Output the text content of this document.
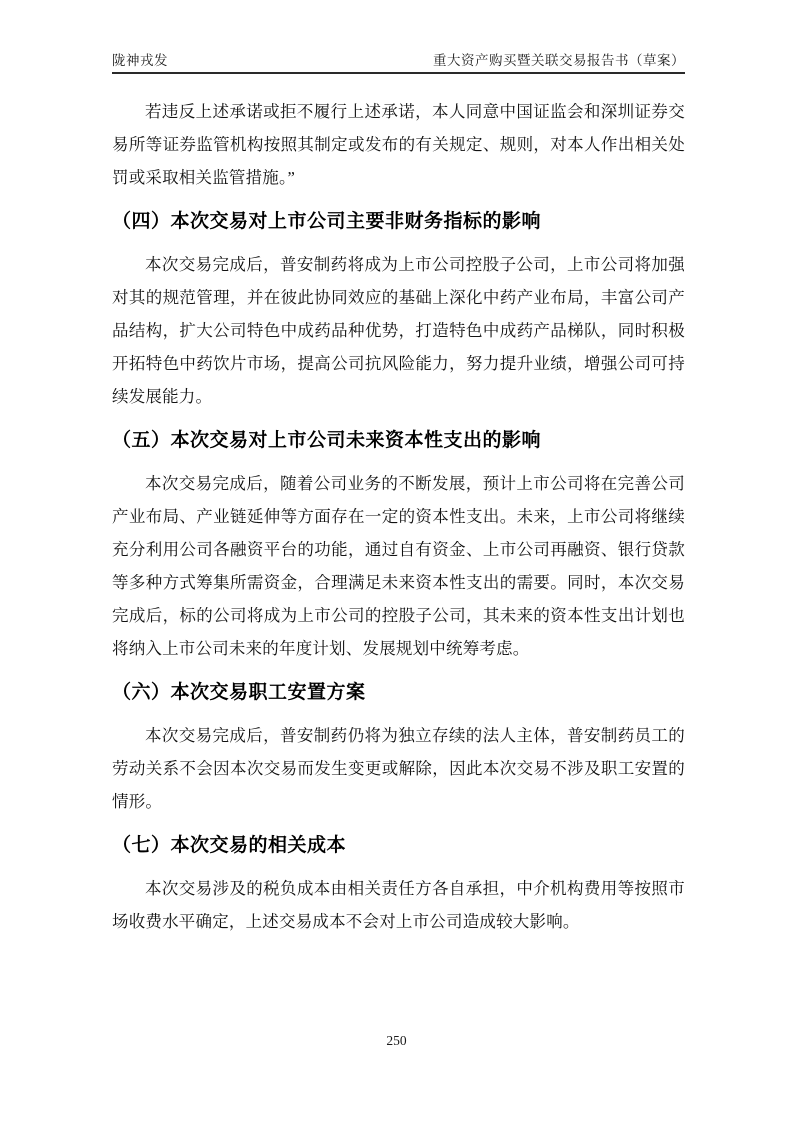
陇神戎发	重大资产购买暨关联交易报告书（草案）

若违反上述承诺或拒不履行上述承诺，本人同意中国证监会和深圳证券交易所等证券监管机构按照其制定或发布的有关规定、规则，对本人作出相关处罚或采取相关监管措施。”

（四）本次交易对上市公司主要非财务指标的影响

本次交易完成后，普安制药将成为上市公司控股子公司，上市公司将加强对其的规范管理，并在彼此协同效应的基础上深化中药产业布局，丰富公司产品结构，扩大公司特色中成药品种优势，打造特色中成药产品梯队，同时积极开拓特色中药饮片市场，提高公司抗风险能力，努力提升业绩，增强公司可持续发展能力。

（五）本次交易对上市公司未来资本性支出的影响

本次交易完成后，随着公司业务的不断发展，预计上市公司将在完善公司产业布局、产业链延伸等方面存在一定的资本性支出。未来，上市公司将继续充分利用公司各融资平台的功能，通过自有资金、上市公司再融资、银行贷款等多种方式筹集所需资金，合理满足未来资本性支出的需要。同时，本次交易完成后，标的公司将成为上市公司的控股子公司，其未来的资本性支出计划也将纳入上市公司未来的年度计划、发展规划中统筹考虑。

（六）本次交易职工安置方案

本次交易完成后，普安制药仍将为独立存续的法人主体，普安制药员工的劳动关系不会因本次交易而发生变更或解除，因此本次交易不涉及职工安置的情形。

（七）本次交易的相关成本

本次交易涉及的税负成本由相关责任方各自承担，中介机构费用等按照市场收费水平确定，上述交易成本不会对上市公司造成较大影响。

250
